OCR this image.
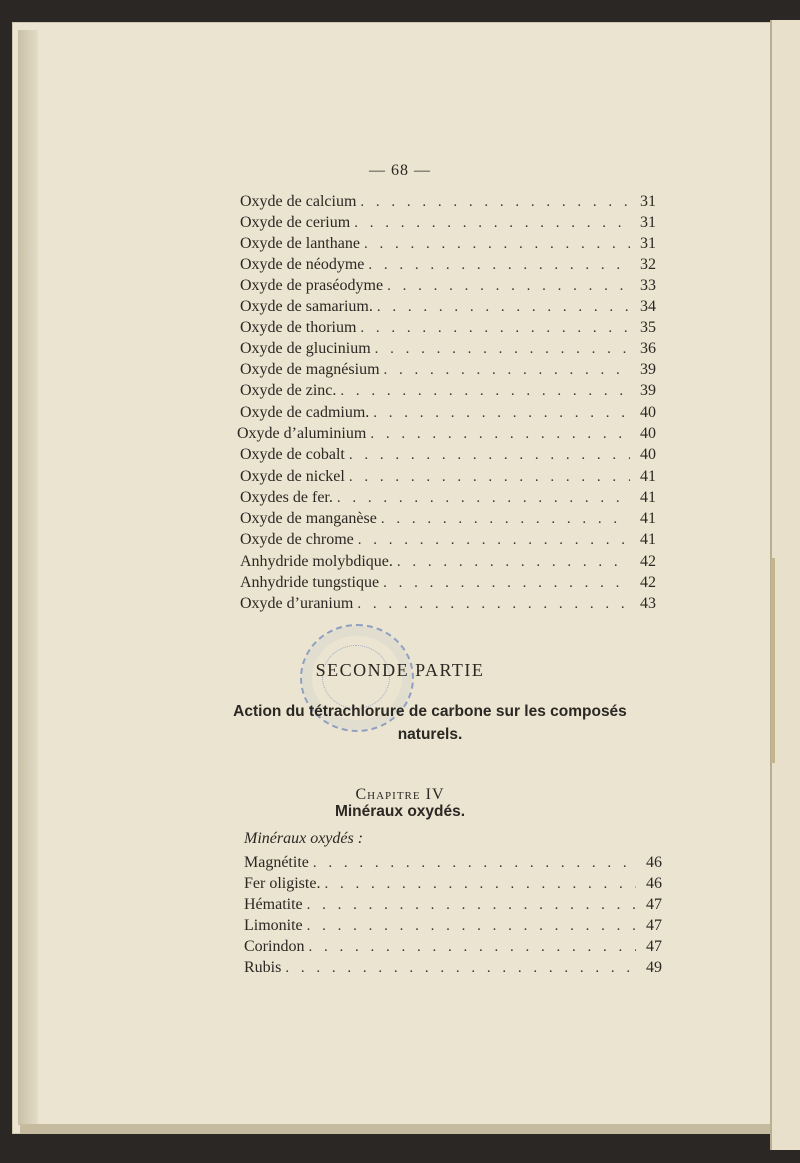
— 68 —
Oxyde de calcium . . .	31
Oxyde de cerium . . .	31
Oxyde de lanthane . . .	31
Oxyde de néodyme . . .	32
Oxyde de praséodyme . . .	33
Oxyde de samarium. . . .	34
Oxyde de thorium . . .	35
Oxyde de glucinium . . .	36
Oxyde de magnésium . . .	39
Oxyde de zinc. . . .	39
Oxyde de cadmium. . . .	40
Oxyde d’aluminium . . .	40
Oxyde de cobalt . . .	40
Oxyde de nickel . . .	41
Oxydes de fer. . . .	41
Oxyde de manganèse . . .	41
Oxyde de chrome . . .	41
Anhydride molybdique. . . .	42
Anhydride tungstique . . .	42
Oxyde d’uranium . . .	43
SECONDE PARTIE
Action du tétrachlorure de carbone sur les composés naturels.
Chapitre IV
Minéraux oxydés.
Minéraux oxydés :
Magnétite . . .	46
Fer oligiste. . . .	46
Hématite . . .	47
Limonite . . .	47
Corindon . . .	47
Rubis . . .	49
